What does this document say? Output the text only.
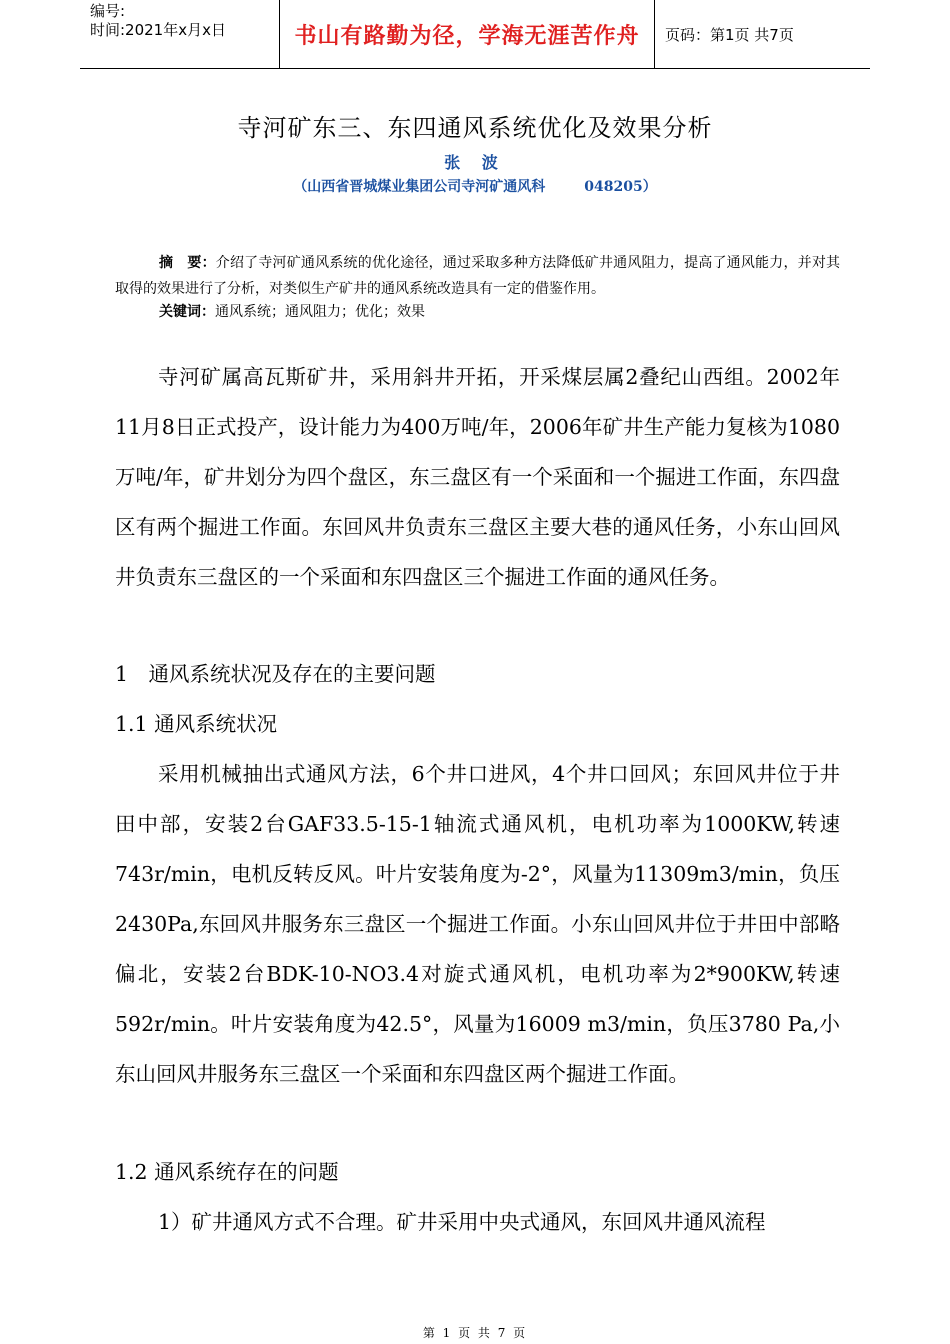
编号:
时间:2021年x月x日	书山有路勤为径，学海无涯苦作舟 页码：第1页 共7页
寺河矿东三、东四通风系统优化及效果分析
张 波
（山西省晋城煤业集团公司寺河矿通风科        048205）

摘　要：介绍了寺河矿通风系统的优化途径，通过采取多种方法降低矿井通风阻力，提高了通风能力，并对其取得的效果进行了分析，对类似生产矿井的通风系统改造具有一定的借鉴作用。

关键词：通风系统；通风阻力；优化；效果

寺河矿属高瓦斯矿井，采用斜井开拓，开采煤层属2叠纪山西组。2002年11月8日正式投产，设计能力为400万吨/年，2006年矿井生产能力复核为1080万吨/年，矿井划分为四个盘区，东三盘区有一个采面和一个掘进工作面，东四盘区有两个掘进工作面。东回风井负责东三盘区主要大巷的通风任务，小东山回风井负责东三盘区的一个采面和东四盘区三个掘进工作面的通风任务。

1　通风系统状况及存在的主要问题

1.1 通风系统状况

采用机械抽出式通风方法，6个井口进风，4个井口回风；东回风井位于井田中部，安装2台GAF33.5-15-1轴流式通风机，电机功率为1000KW,转速743r/min，电机反转反风。叶片安装角度为-2°，风量为11309m3/min，负压2430Pa,东回风井服务东三盘区一个掘进工作面。小东山回风井位于井田中部略偏北，安装2台BDK-10-NO3.4对旋式通风机，电机功率为2*900KW,转速592r/min。叶片安装角度为42.5°，风量为16009 m3/min，负压3780 Pa,小东山回风井服务东三盘区一个采面和东四盘区两个掘进工作面。

1.2 通风系统存在的问题

1）矿井通风方式不合理。矿井采用中央式通风，东回风井通风流程

第 1 页 共 7 页
